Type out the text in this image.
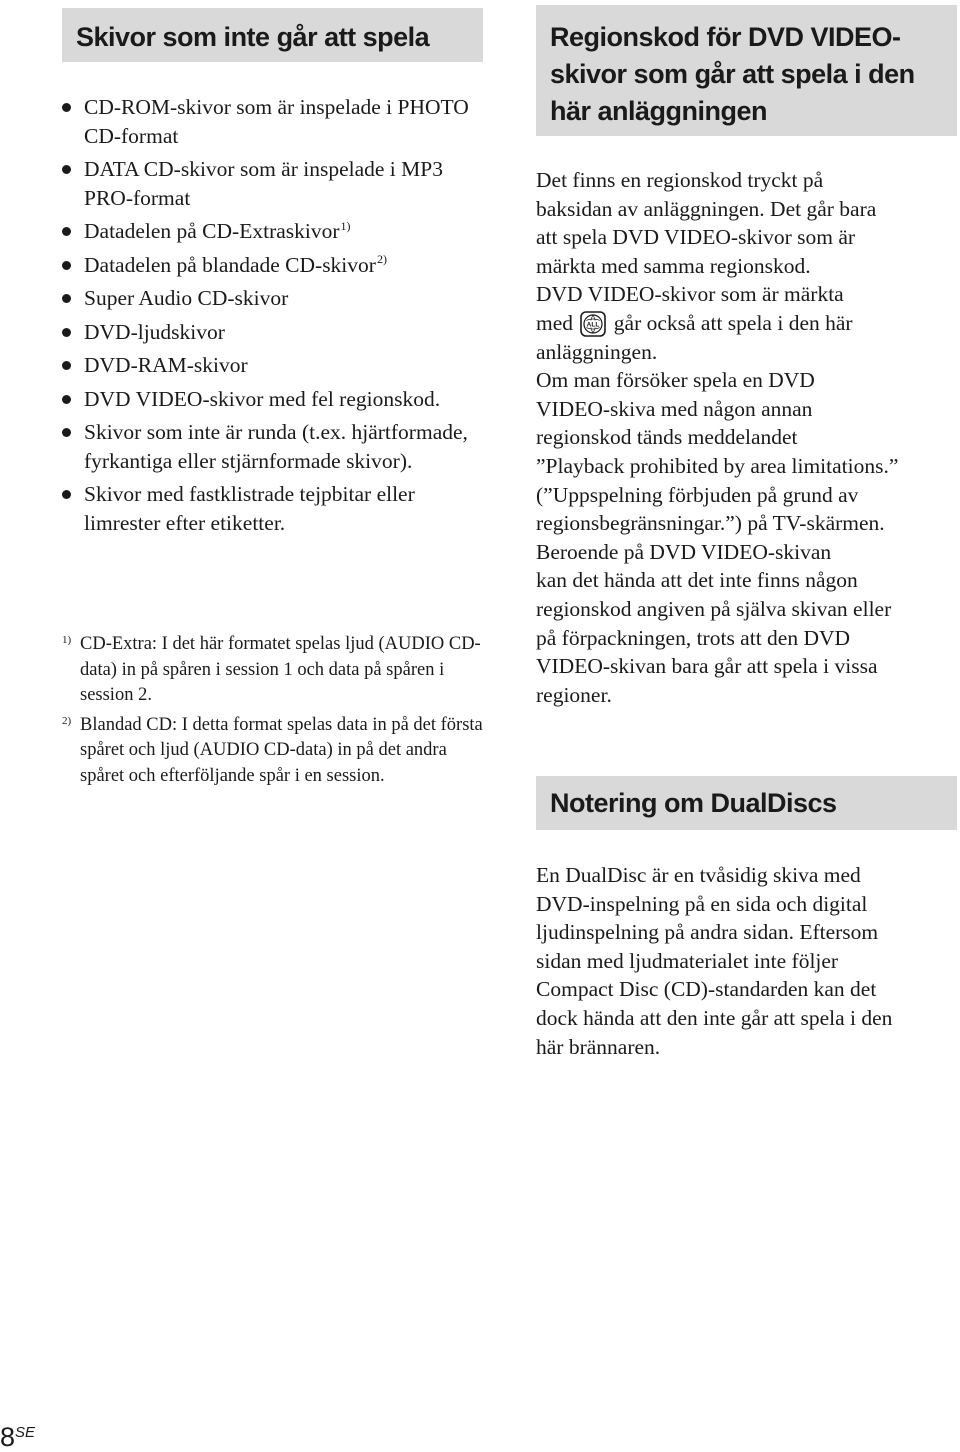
Skivor som inte går att spela
CD-ROM-skivor som är inspelade i PHOTO CD-format
DATA CD-skivor som är inspelade i MP3 PRO-format
Datadelen på CD-Extraskivor$^{1)}$
Datadelen på blandade CD-skivor$^{2)}$
Super Audio CD-skivor
DVD-ljudskivor
DVD-RAM-skivor
DVD VIDEO-skivor med fel regionskod.
Skivor som inte är runda (t.ex. hjärtformade, fyrkantiga eller stjärnformade skivor).
Skivor med fastklistrade tejpbitar eller limrester efter etiketter.
1) CD-Extra: I det här formatet spelas ljud (AUDIO CD-data) in på spåren i session 1 och data på spåren i session 2.
2) Blandad CD: I detta format spelas data in på det första spåret och ljud (AUDIO CD-data) in på det andra spåret och efterföljande spår i en session.
Regionskod för DVD VIDEO-skivor som går att spela i den här anläggningen
Det finns en regionskod tryckt på
baksidan av anläggningen. Det går bara
att spela DVD VIDEO-skivor som är
märkta med samma regionskod.
DVD VIDEO-skivor som är märkta
med ALL går också att spela i den här
anläggningen.
Om man försöker spela en DVD
VIDEO-skiva med någon annan
regionskod tänds meddelandet
”Playback prohibited by area limitations.”
(”Uppspelning förbjuden på grund av
regionsbegränsningar.”) på TV-skärmen.
Beroende på DVD VIDEO-skivan
kan det hända att det inte finns någon
regionskod angiven på själva skivan eller
på förpackningen, trots att den DVD
VIDEO-skivan bara går att spela i vissa
regioner.
Notering om DualDiscs
En DualDisc är en tvåsidig skiva med
DVD-inspelning på en sida och digital
ljudinspelning på andra sidan. Eftersom
sidan med ljudmaterialet inte följer
Compact Disc (CD)-standarden kan det
dock hända att den inte går att spela i den
här brännaren.
$8^{SE}$
